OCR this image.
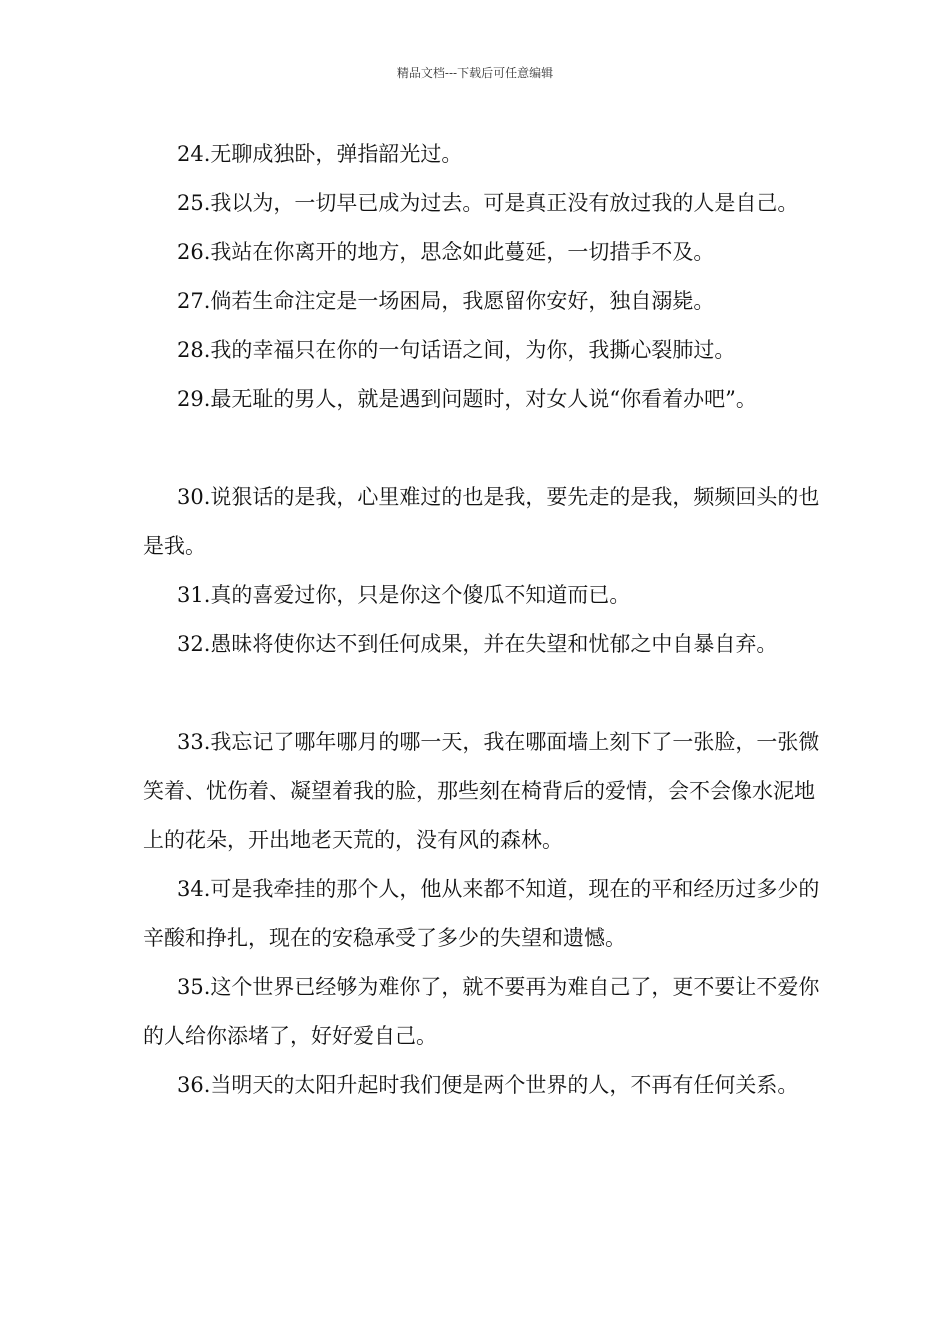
精品文档---下载后可任意编辑

24.无聊成独卧，弹指韶光过。

25.我以为，一切早已成为过去。可是真正没有放过我的人是自己。

26.我站在你离开的地方，思念如此蔓延，一切措手不及。

27.倘若生命注定是一场困局，我愿留你安好，独自溺毙。

28.我的幸福只在你的一句话语之间，为你，我撕心裂肺过。

29.最无耻的男人，就是遇到问题时，对女人说“你看着办吧”。

30.说狠话的是我，心里难过的也是我，要先走的是我，频频回头的也是我。

31.真的喜爱过你，只是你这个傻瓜不知道而已。

32.愚昧将使你达不到任何成果，并在失望和忧郁之中自暴自弃。

33.我忘记了哪年哪月的哪一天，我在哪面墙上刻下了一张脸，一张微笑着、忧伤着、凝望着我的脸，那些刻在椅背后的爱情，会不会像水泥地上的花朵，开出地老天荒的，没有风的森林。

34.可是我牵挂的那个人，他从来都不知道，现在的平和经历过多少的辛酸和挣扎，现在的安稳承受了多少的失望和遗憾。

35.这个世界已经够为难你了，就不要再为难自己了，更不要让不爱你的人给你添堵了，好好爱自己。

36.当明天的太阳升起时我们便是两个世界的人，不再有任何关系。
